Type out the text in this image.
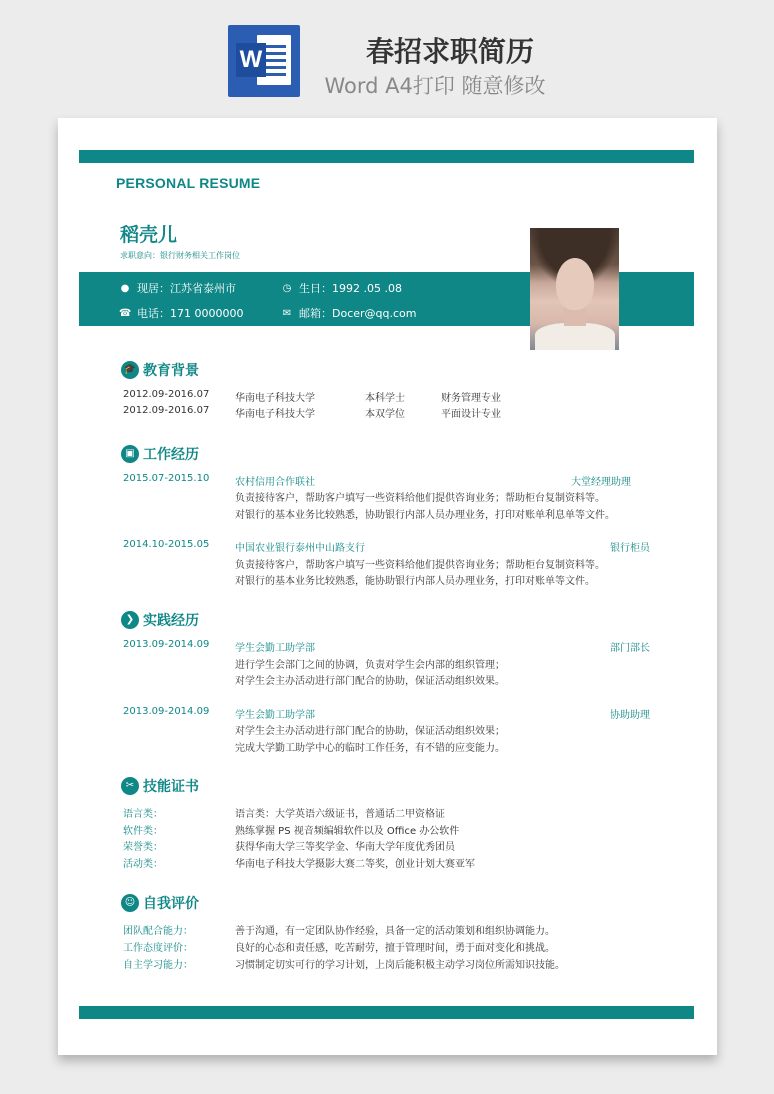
W	春招求职简历
Word A4打印 随意修改
PERSONAL RESUME
稻壳儿
求职意向：银行财务相关工作岗位
● 现居：江苏省泰州市	◷ 生日：1992 .05 .08
☎ 电话：171 0000000	✉ 邮箱：Docer@qq.com
🎓 教育背景
2012.09-2016.07	华南电子科技大学	本科学士	财务管理专业
2012.09-2016.07	华南电子科技大学	本双学位	平面设计专业
▣ 工作经历
2015.07-2015.10	农村信用合作联社	大堂经理助理
负责接待客户，帮助客户填写一些资料给他们提供咨询业务；帮助柜台复制资料等。
对银行的基本业务比较熟悉，协助银行内部人员办理业务，打印对账单利息单等文件。
2014.10-2015.05	中国农业银行泰州中山路支行	银行柜员
负责接待客户，帮助客户填写一些资料给他们提供咨询业务；帮助柜台复制资料等。
对银行的基本业务比较熟悉，能协助银行内部人员办理业务，打印对账单等文件。
❯ 实践经历
2013.09-2014.09	学生会勤工助学部	部门部长
进行学生会部门之间的协调，负责对学生会内部的组织管理；
对学生会主办活动进行部门配合的协助，保证活动组织效果。
2013.09-2014.09	学生会勤工助学部	协助助理
对学生会主办活动进行部门配合的协助，保证活动组织效果；
完成大学勤工助学中心的临时工作任务，有不错的应变能力。
✂ 技能证书
语言类：	语言类：大学英语六级证书，普通话二甲资格证
软件类：	熟练掌握 PS 视音频编辑软件以及 Office 办公软件
荣誉类：	获得华南大学三等奖学金、华南大学年度优秀团员
活动类：	华南电子科技大学摄影大赛二等奖，创业计划大赛亚军
☺ 自我评价
团队配合能力：	善于沟通，有一定团队协作经验，具备一定的活动策划和组织协调能力。
工作态度评价：	良好的心态和责任感，吃苦耐劳，擅于管理时间，勇于面对变化和挑战。
自主学习能力：	习惯制定切实可行的学习计划，上岗后能积极主动学习岗位所需知识技能。
